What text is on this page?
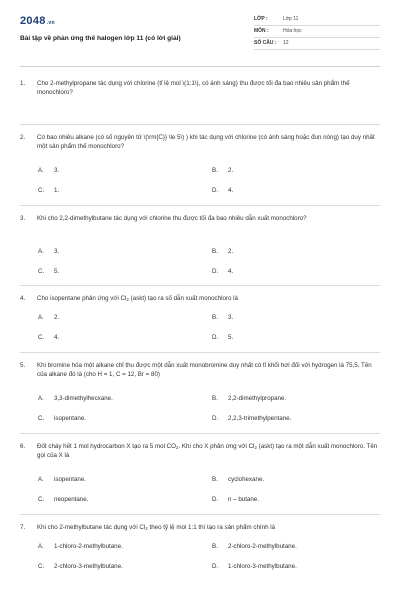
2048.vn
Bài tập về phản ứng thế halogen lớp 11 (có lời giải)
LỚP :	Lớp 11
MÔN :	Hóa học
SỐ CÂU :	12
1. Cho 2-methylpropane tác dụng với chlorine (tỉ lệ mol \(1:1\), có ánh sáng) thu được tối đa bao nhiêu sản phẩm thế monochloro?
2. Có bao nhiêu alkane (có số nguyên tử \(\rm{C}} \le 5\) ) khi tác dụng với chlorine (có ánh sáng hoặc đun nóng) tạo duy nhất một sản phẩm thế monochloro?
A. 3.	B. 2.
C. 1.	D. 4.
3. Khi cho 2,2-dimethylbutane tác dụng với chlorine thu được tối đa bao nhiêu dẫn xuất monochloro?
A. 3.	B. 2.
C. 5.	D. 4.
4. Cho isopentane phản ứng với $Cl_2$ (askt) tạo ra số dẫn xuất monochloro là
A. 2.	B. 3.
C. 4.	D. 5.
5. Khi bromine hóa một alkane chỉ thu được một dẫn xuất monobromine duy nhất có tỉ khối hơi đối với hydrogen là 75,5. Tên của alkane đó là (cho H = 1, C = 12, Br = 80)
A. 3,3-dimethylhecxane.	B. 2,2-dimethylpropane.
C. isopentane.	D. 2,2,3-trimethylpentane.
6. Đốt cháy hết 1 mol hydrocarbon X tạo ra 5 mol $CO_2$. Khi cho X phản ứng với $Cl_2$ (askt) tạo ra một dẫn xuất monochloro. Tên gọi của X là
A. isopentane.	B. cyclohexane.
C. neopentane.	D. n – butane.
7. Khi cho 2-methylbutane tác dụng với $Cl_2$ theo tỷ lệ mol 1:1 thì tạo ra sản phẩm chính là
A. 1-chloro-2-methylbutane.	B. 2-chloro-2-methylbutane.
C. 2-chloro-3-methylbutane.	D. 1-chloro-3-methylbutane.
